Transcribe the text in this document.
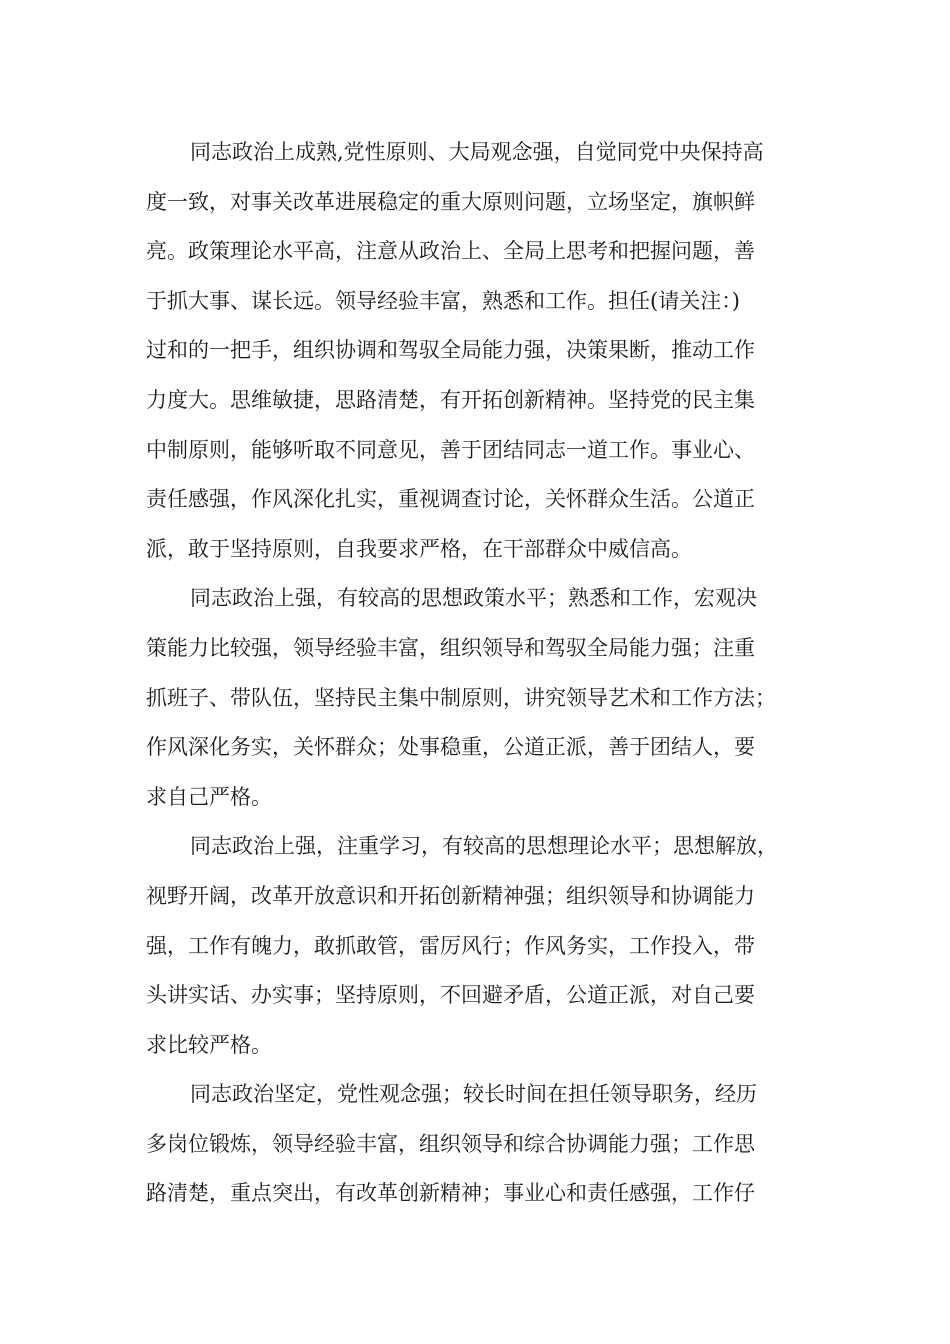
同志政治上成熟,党性原则、大局观念强，自觉同党中央保持高
度一致，对事关改革进展稳定的重大原则问题，立场坚定，旗帜鲜
亮。政策理论水平高，注意从政治上、全局上思考和把握问题，善
于抓大事、谋长远。领导经验丰富，熟悉和工作。担任(请关注：)
过和的一把手，组织协调和驾驭全局能力强，决策果断，推动工作
力度大。思维敏捷，思路清楚，有开拓创新精神。坚持党的民主集
中制原则，能够听取不同意见，善于团结同志一道工作。事业心、
责任感强，作风深化扎实，重视调查讨论，关怀群众生活。公道正
派，敢于坚持原则，自我要求严格，在干部群众中威信高。

同志政治上强，有较高的思想政策水平；熟悉和工作，宏观决
策能力比较强，领导经验丰富，组织领导和驾驭全局能力强；注重
抓班子、带队伍，坚持民主集中制原则，讲究领导艺术和工作方法；
作风深化务实，关怀群众；处事稳重，公道正派，善于团结人，要
求自己严格。

同志政治上强，注重学习，有较高的思想理论水平；思想解放，
视野开阔，改革开放意识和开拓创新精神强；组织领导和协调能力
强，工作有魄力，敢抓敢管，雷厉风行；作风务实，工作投入，带
头讲实话、办实事；坚持原则，不回避矛盾，公道正派，对自己要
求比较严格。

同志政治坚定，党性观念强；较长时间在担任领导职务，经历
多岗位锻炼，领导经验丰富，组织领导和综合协调能力强；工作思
路清楚，重点突出，有改革创新精神；事业心和责任感强，工作仔
